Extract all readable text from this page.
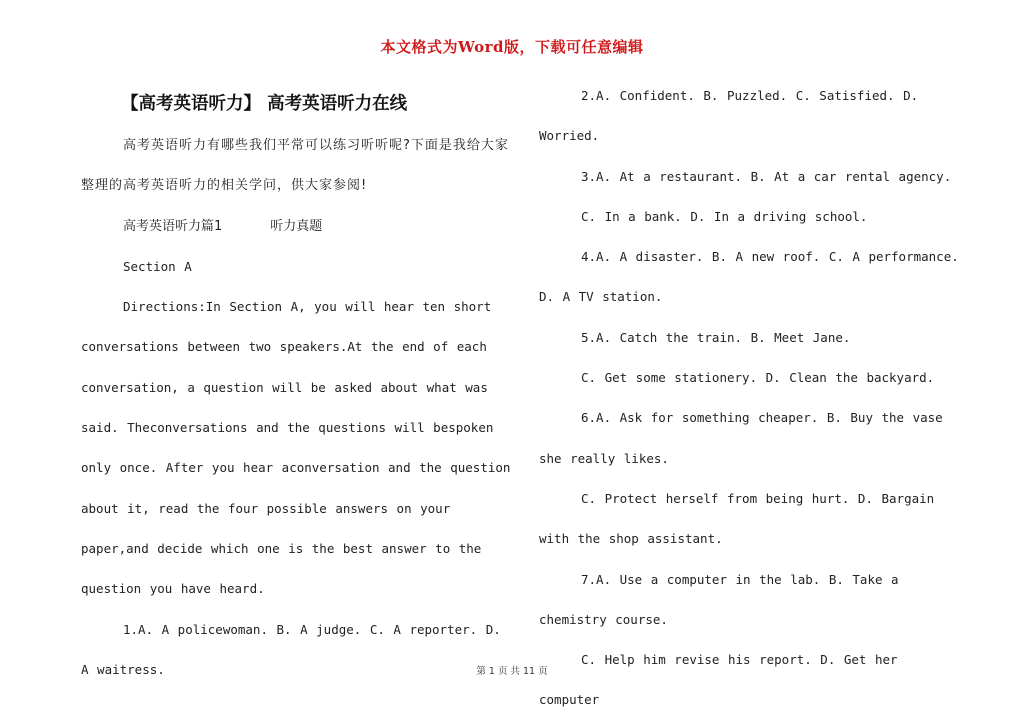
本文格式为Word版，下载可任意编辑
【高考英语听力】 高考英语听力在线

高考英语听力有哪些我们平常可以练习听听呢?下面是我给大家整理的高考英语听力的相关学问，供大家参阅!

高考英语听力篇1	听力真题

Section A

Directions:In Section A, you will hear ten short conversations between two speakers.At the end of each conversation, a question will be asked about what was said. Theconversations and the questions will bespoken only once. After you hear aconversation and the question about it, read the four possible answers on your paper,and decide which one is the best answer to the question you have heard.

1.A. A policewoman. B. A judge. C. A reporter. D. A waitress.

2.A. Confident. B. Puzzled. C. Satisfied. D. Worried.

3.A. At a restaurant. B. At a car rental agency.

C. In a bank. D. In a driving school.

4.A. A disaster. B. A new roof. C. A performance. D. A TV station.

5.A. Catch the train. B. Meet Jane.

C. Get some stationery. D. Clean the backyard.

6.A. Ask for something cheaper. B. Buy the vase she really likes.

C. Protect herself from being hurt. D. Bargain with the shop assistant.

7.A. Use a computer in the lab. B. Take a chemistry course.

C. Help him revise his report. D. Get her computer

第 1 页 共 11 页
